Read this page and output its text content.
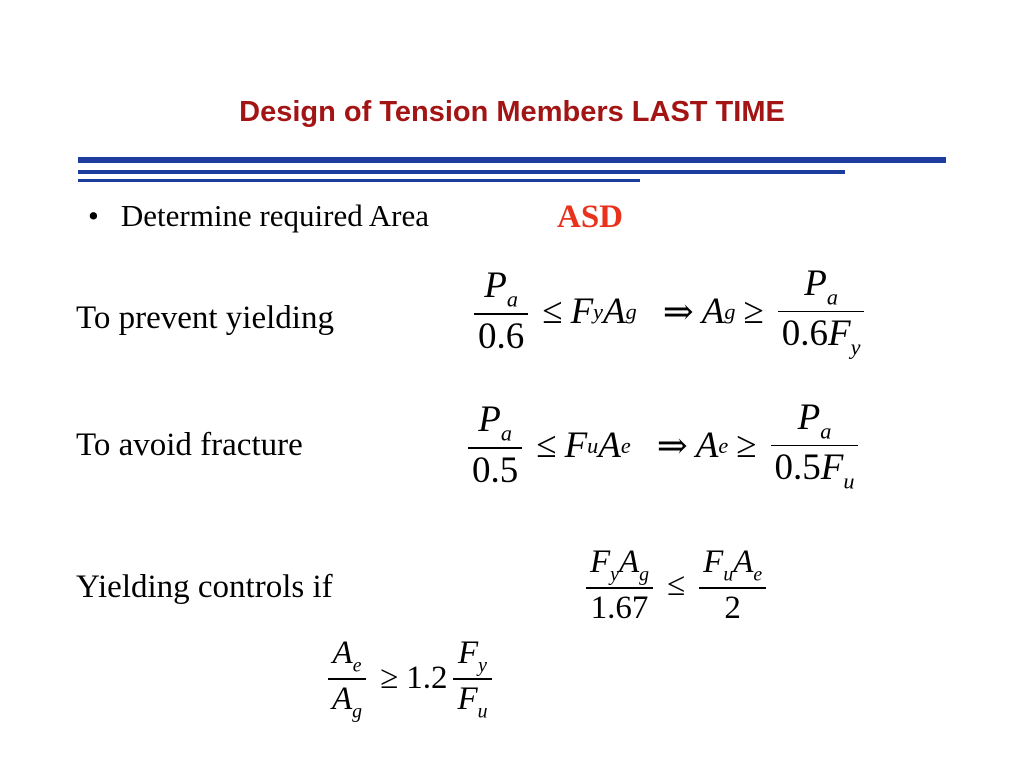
Design of Tension Members LAST TIME
• Determine required Area	ASD
To prevent yielding	$\frac{P_a}{0.6} \le F$ y A g ⇒ A $g \ge \frac{P_a}{0.6F_y}$
To avoid fracture	$\frac{P_a}{0.5} \le F$ u A e ⇒ A $e \ge \frac{P_a}{0.5F_u}$
Yielding controls if	$\frac{F_yA_g}{1.67} \le \frac{F_uA_e}{2}$
$\frac{A_e}{A_g} \ge 1.2 \frac{F_y}{F_u}$
